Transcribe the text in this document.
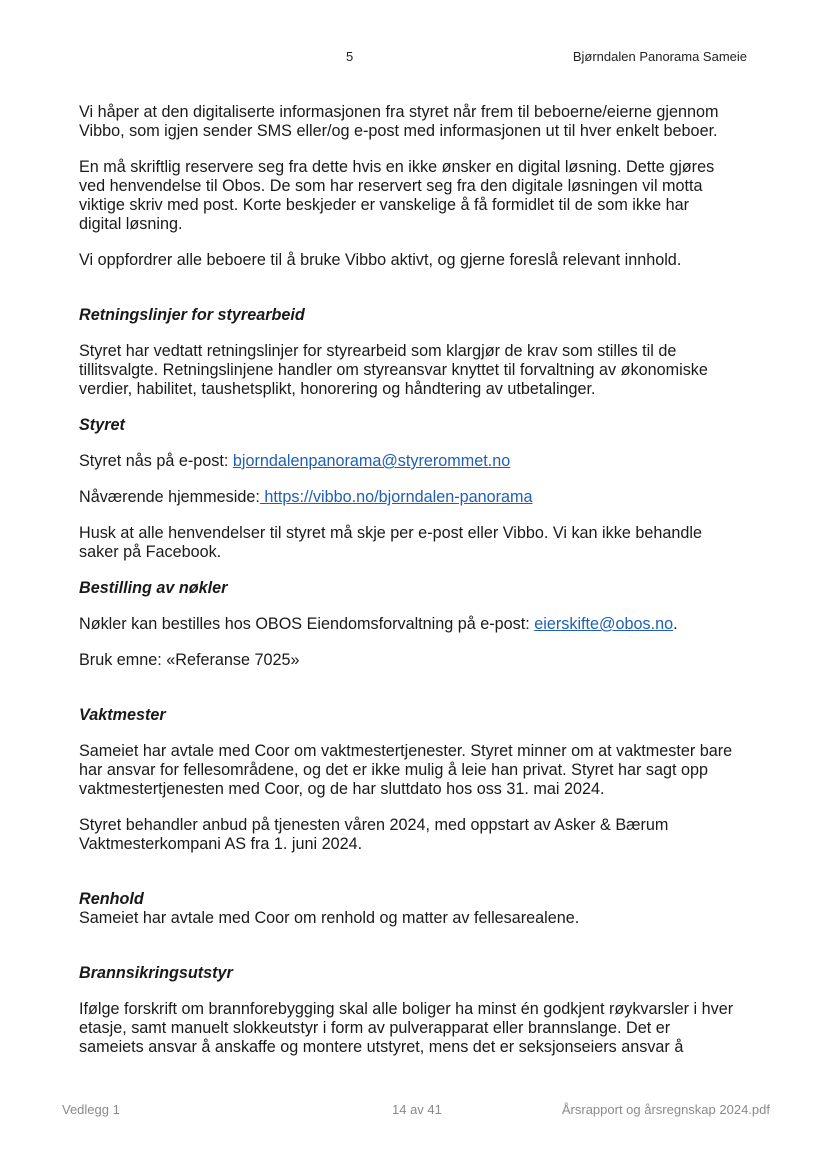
5	Bjørndalen Panorama Sameie

Vi håper at den digitaliserte informasjonen fra styret når frem til beboerne/eierne gjennom Vibbo, som igjen sender SMS eller/og e-post med informasjonen ut til hver enkelt beboer.

En må skriftlig reservere seg fra dette hvis en ikke ønsker en digital løsning. Dette gjøres ved henvendelse til Obos. De som har reservert seg fra den digitale løsningen vil motta viktige skriv med post. Korte beskjeder er vanskelige å få formidlet til de som ikke har digital løsning.

Vi oppfordrer alle beboere til å bruke Vibbo aktivt, og gjerne foreslå relevant innhold.

Retningslinjer for styrearbeid

Styret har vedtatt retningslinjer for styrearbeid som klargjør de krav som stilles til de tillitsvalgte. Retningslinjene handler om styreansvar knyttet til forvaltning av økonomiske verdier, habilitet, taushetsplikt, honorering og håndtering av utbetalinger.

Styret

Styret nås på e-post: bjorndalenpanorama@styrerommet.no

Nåværende hjemmeside: https://vibbo.no/bjorndalen-panorama

Husk at alle henvendelser til styret må skje per e-post eller Vibbo. Vi kan ikke behandle saker på Facebook.

Bestilling av nøkler

Nøkler kan bestilles hos OBOS Eiendomsforvaltning på e-post: eierskifte@obos.no.

Bruk emne: «Referanse 7025»

Vaktmester

Sameiet har avtale med Coor om vaktmestertjenester. Styret minner om at vaktmester bare har ansvar for fellesområdene, og det er ikke mulig å leie han privat. Styret har sagt opp vaktmestertjenesten med Coor, og de har sluttdato hos oss 31. mai 2024.

Styret behandler anbud på tjenesten våren 2024, med oppstart av Asker & Bærum Vaktmesterkompani AS fra 1. juni 2024.

Renhold

Sameiet har avtale med Coor om renhold og matter av fellesarealene.

Brannsikringsutstyr

Ifølge forskrift om brannforebygging skal alle boliger ha minst én godkjent røykvarsler i hver etasje, samt manuelt slokkeutstyr i form av pulverapparat eller brannslange. Det er sameiets ansvar å anskaffe og montere utstyret, mens det er seksjonseiers ansvar å

Vedlegg 1	14 av 41	Årsrapport og årsregnskap 2024.pdf
